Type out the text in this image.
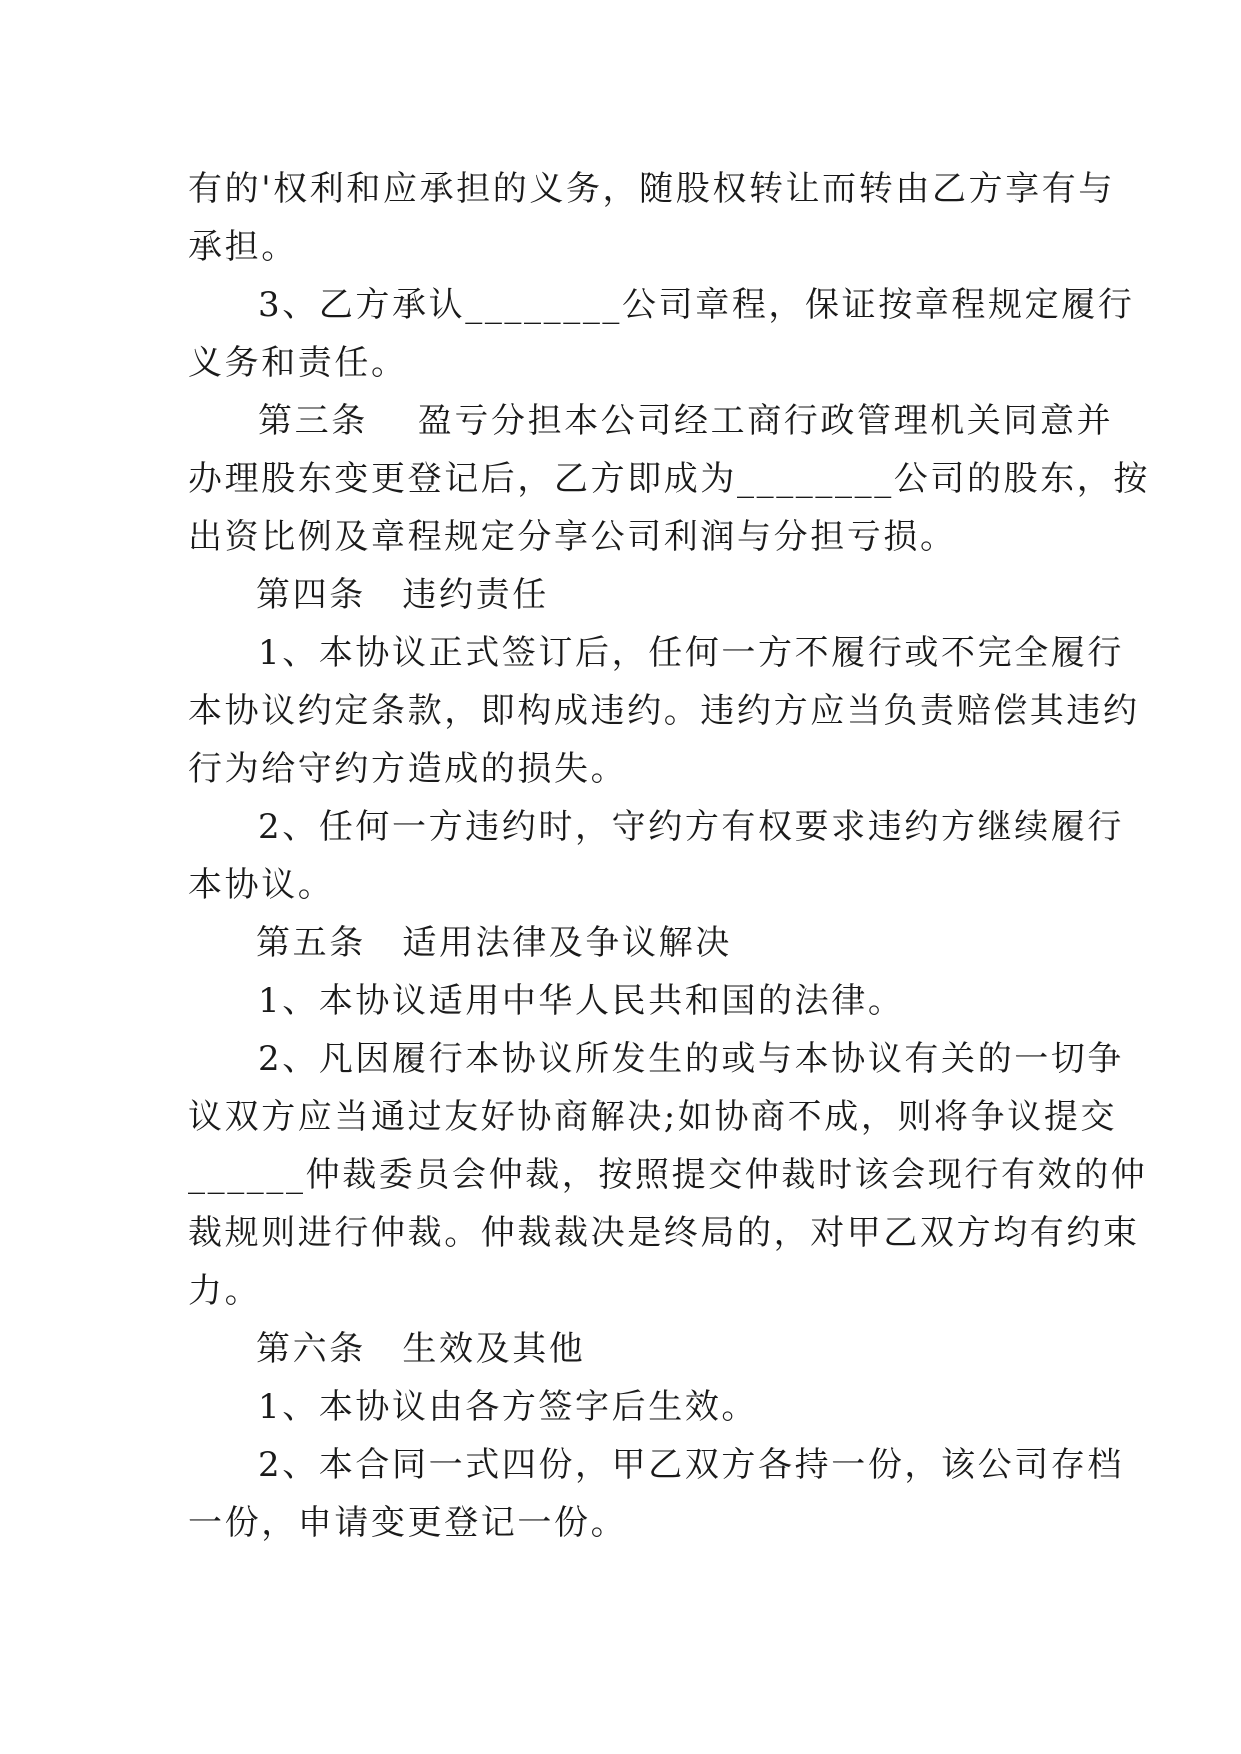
有的'权利和应承担的义务，随股权转让而转由乙方享有与
承担。
3、乙方承认________公司章程，保证按章程规定履行
义务和责任。
第三条　 盈亏分担本公司经工商行政管理机关同意并
办理股东变更登记后，乙方即成为________公司的股东，按
出资比例及章程规定分享公司利润与分担亏损。
第四条　违约责任
1、本协议正式签订后，任何一方不履行或不完全履行
本协议约定条款，即构成违约。违约方应当负责赔偿其违约
行为给守约方造成的损失。
2、任何一方违约时，守约方有权要求违约方继续履行
本协议。
第五条　适用法律及争议解决
1、本协议适用中华人民共和国的法律。
2、凡因履行本协议所发生的或与本协议有关的一切争
议双方应当通过友好协商解决;如协商不成，则将争议提交
______仲裁委员会仲裁，按照提交仲裁时该会现行有效的仲
裁规则进行仲裁。仲裁裁决是终局的，对甲乙双方均有约束
力。
第六条　生效及其他
1、本协议由各方签字后生效。
2、本合同一式四份，甲乙双方各持一份，该公司存档
一份，申请变更登记一份。
